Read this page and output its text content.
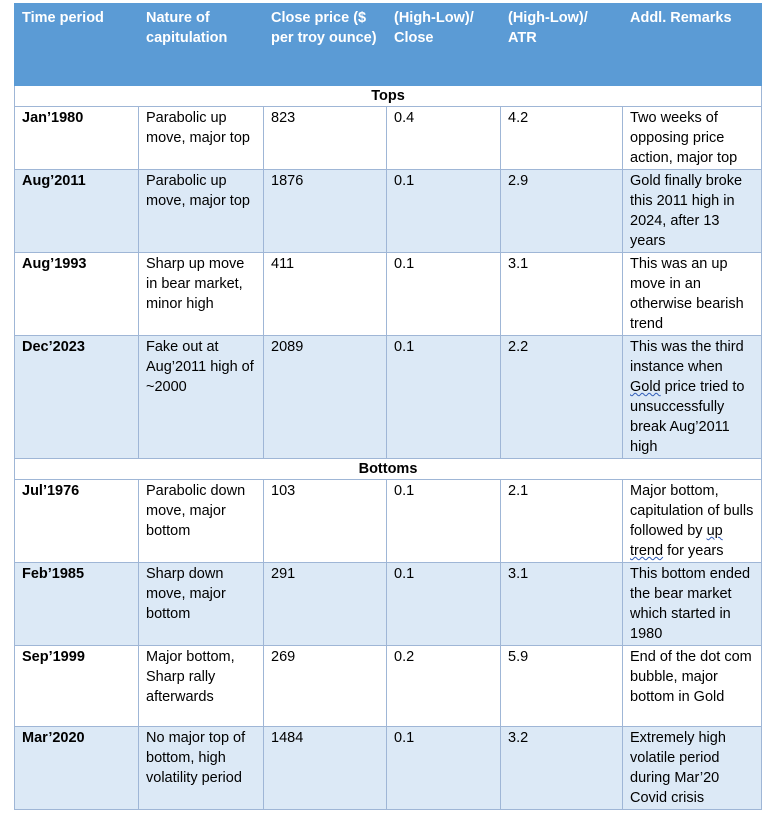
Time period	Nature of capitulation	Close price ($ per troy ounce)	(High-Low)/ Close	(High-Low)/ ATR	Addl. Remarks
Tops					
Jan’1980	Parabolic up move, major top	823	0.4	4.2	Two weeks of opposing price action, major top
Aug’2011	Parabolic up move, major top	1876	0.1	2.9	Gold finally broke this 2011 high in 2024, after 13 years
Aug’1993	Sharp up move in bear market, minor high	411	0.1	3.1	This was an up move in an otherwise bearish trend
Dec’2023	Fake out at Aug’2011 high of ~2000	2089	0.1	2.2	This was the third instance when Gold price tried to unsuccessfully break Aug’2011 high
Bottoms					
Jul’1976	Parabolic down move, major bottom	103	0.1	2.1	Major bottom, capitulation of bulls followed by up trend for years
Feb’1985	Sharp down move, major bottom	291	0.1	3.1	This bottom ended the bear market which started in 1980
Sep’1999	Major bottom, Sharp rally afterwards	269	0.2	5.9	End of the dot com bubble, major bottom in Gold
Mar’2020	No major top of bottom, high volatility period	1484	0.1	3.2	Extremely high volatile period during Mar’20 Covid crisis
